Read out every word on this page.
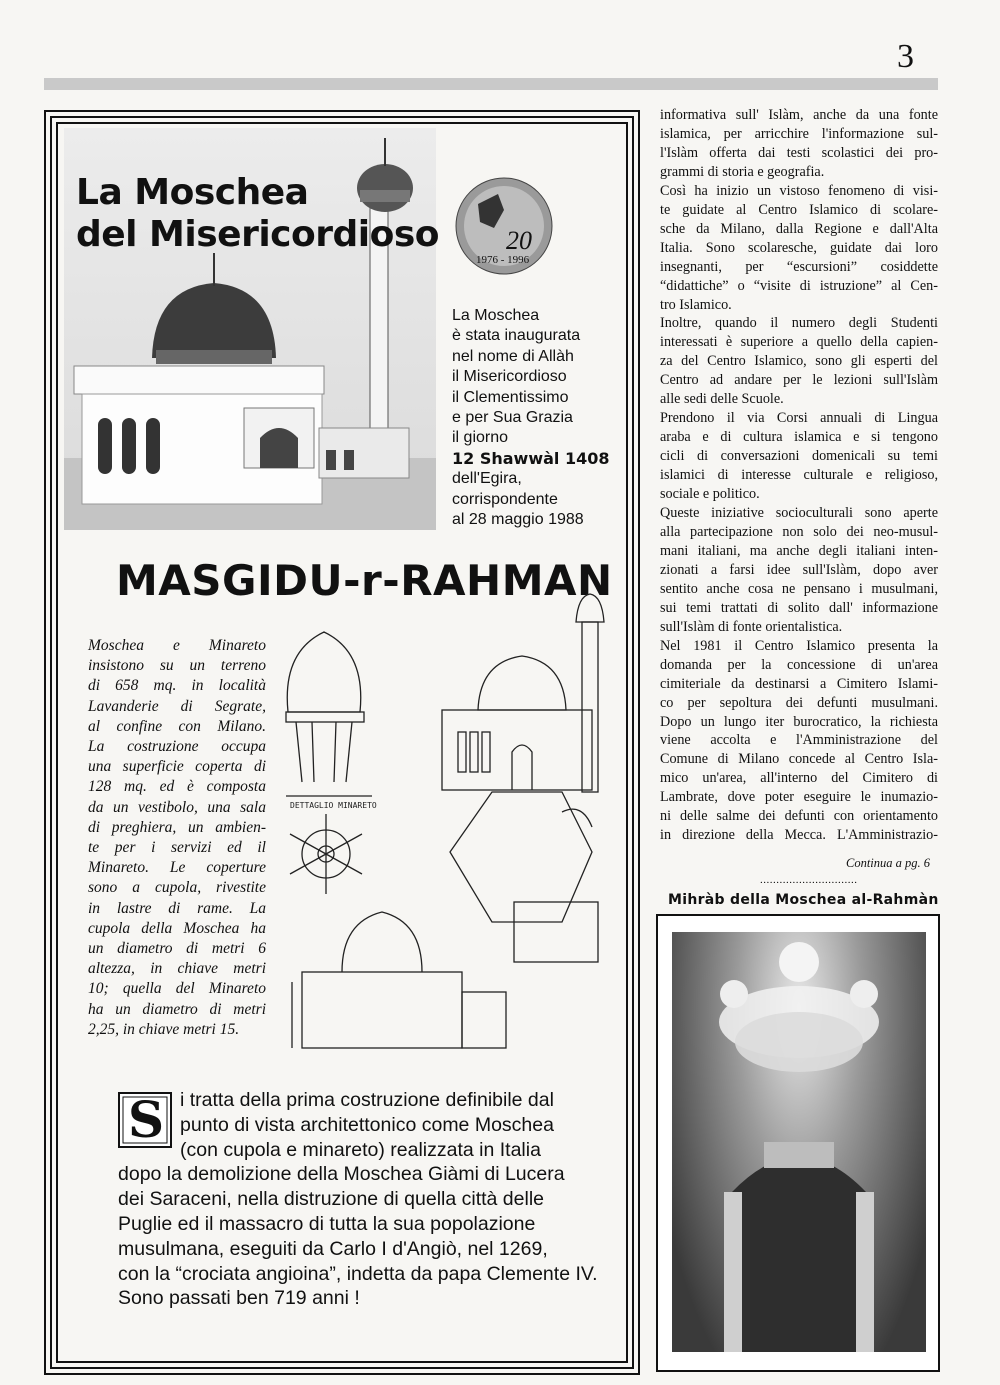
3
La Moschea
del Misericordioso	20
1976 - 1996
La Moschea
è stata inaugurata
nel nome di Allàh
il Misericordioso
il Clementissimo
e per Sua Grazia
il giorno
12 Shawwàl 1408
dell'Egira,
corrispondente
al 28 maggio 1988
MASGIDU-r-RAHMAN
Moschea e Minareto
insistono su un terreno
di 658 mq. in località
Lavanderie di Segrate,
al confine con Milano.
La costruzione occupa
una superficie coperta di
128 mq. ed è composta
da un vestibolo, una sala
di preghiera, un ambien-
te per i servizi ed il
Minareto. Le coperture
sono a cupola, rivestite
in lastre di rame. La
cupola della Moschea ha
un diametro di metri 6
altezza, in chiave metri
10; quella del Minareto
ha un diametro di metri
2,25, in chiave metri 15.
DETTAGLIO MINARETO
S i tratta della prima costruzione definibile dal
punto di vista architettonico come Moschea
(con cupola e minareto) realizzata in Italia
dopo la demolizione della Moschea Giàmi di Lucera
dei Saraceni, nella distruzione di quella città delle
Puglie ed il massacro di tutta la sua popolazione
musulmana, eseguiti da Carlo I d'Angiò, nel 1269,
con la “crociata angioina”, indetta da papa Clemente IV.
Sono passati ben 719 anni !
informativa sull' Islàm, anche da una fonte
islamica, per arricchire l'informazione sul-
l'Islàm offerta dai testi scolastici dei pro-
grammi di storia e geografia.
Così ha inizio un vistoso fenomeno di visi-
te guidate al Centro Islamico di scolare-
sche da Milano, dalla Regione e dall'Alta
Italia. Sono scolaresche, guidate dai loro
insegnanti, per “escursioni” cosiddette
“didattiche” o “visite di istruzione” al Cen-
tro Islamico.
Inoltre, quando il numero degli Studenti
interessati è superiore a quello della capien-
za del Centro Islamico, sono gli esperti del
Centro ad andare per le lezioni sull'Islàm
alle sedi delle Scuole.
Prendono il via Corsi annuali di Lingua
araba e di cultura islamica e si tengono
cicli di conversazioni domenicali su temi
islamici di interesse culturale e religioso,
sociale e politico.
Queste iniziative socioculturali sono aperte
alla partecipazione non solo dei neo-musul-
mani italiani, ma anche degli italiani inten-
zionati a farsi idee sull'Islàm, dopo aver
sentito anche cosa ne pensano i musulmani,
sui temi trattati di solito dall' informazione
sull'Islàm di fonte orientalistica.
Nel 1981 il Centro Islamico presenta la
domanda per la concessione di un'area
cimiteriale da destinarsi a Cimitero Islami-
co per sepoltura dei defunti musulmani.
Dopo un lungo iter burocratico, la richiesta
viene accolta e l'Amministrazione del
Comune di Milano concede al Centro Isla-
mico un'area, all'interno del Cimitero di
Lambrate, dove poter eseguire le inumazio-
ni delle salme dei defunti con orientamento
in direzione della Mecca. L'Amministrazio-
Continua a pg. 6
..............................
Mihràb della Moschea al-Rahmàn
